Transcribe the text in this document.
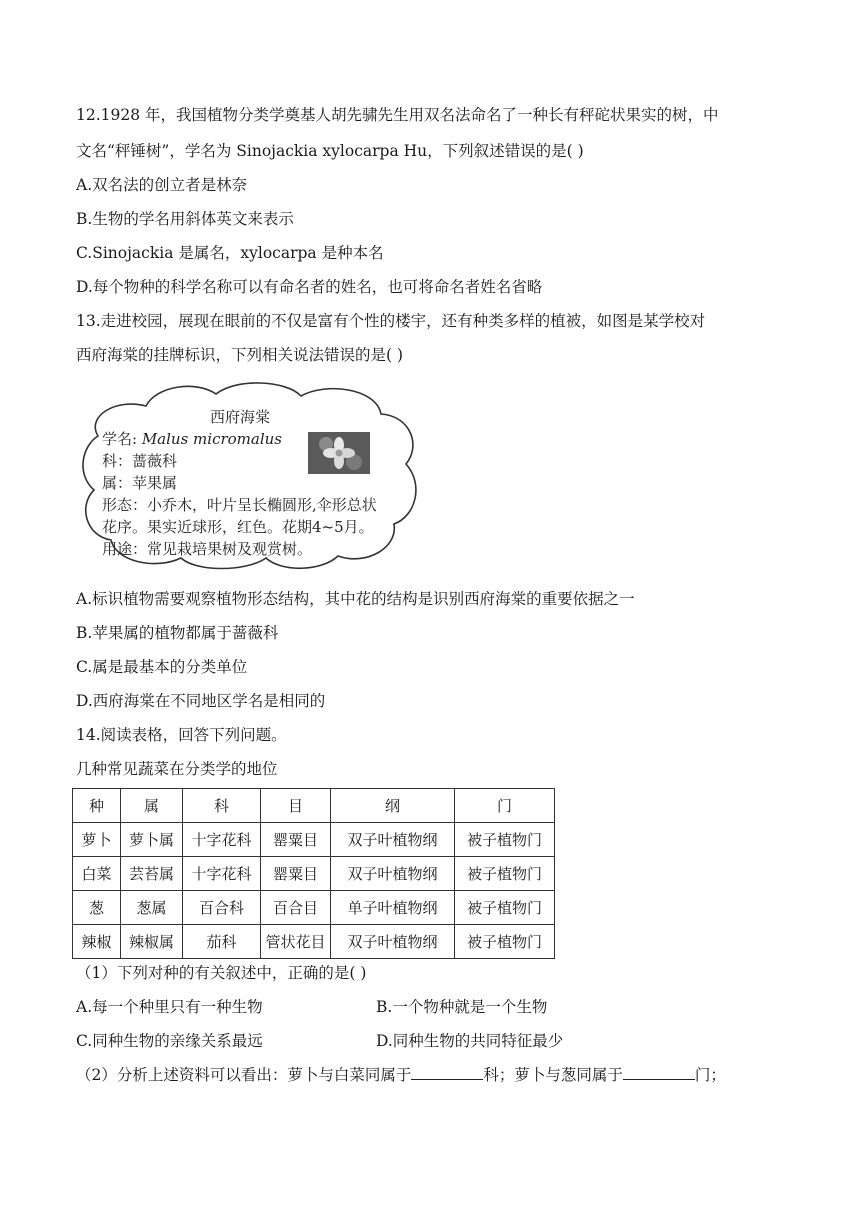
12.1928 年，我国植物分类学奠基人胡先骕先生用双名法命名了一种长有秤砣状果实的树，中
文名“秤锤树”，学名为 Sinojackia xylocarpa Hu，下列叙述错误的是( )
A.双名法的创立者是林奈
B.生物的学名用斜体英文来表示
C.Sinojackia 是属名，xylocarpa 是种本名
D.每个物种的科学名称可以有命名者的姓名，也可将命名者姓名省略
13.走进校园，展现在眼前的不仅是富有个性的楼宇，还有种类多样的植被，如图是某学校对
西府海棠的挂牌标识，下列相关说法错误的是( )
西府海棠
学名: Malus micromalus
科：蔷薇科
属：苹果属
形态：小乔木，叶片呈长椭圆形,伞形总状
花序。果实近球形，红色。花期4~5月。
用途：常见栽培果树及观赏树。
A.标识植物需要观察植物形态结构，其中花的结构是识别西府海棠的重要依据之一
B.苹果属的植物都属于蔷薇科
C.属是最基本的分类单位
D.西府海棠在不同地区学名是相同的
14.阅读表格，回答下列问题。
几种常见蔬菜在分类学的地位
种	属	科	目	纲	门
萝卜	萝卜属	十字花科	罂粟目	双子叶植物纲	被子植物门
白菜	芸苔属	十字花科	罂粟目	双子叶植物纲	被子植物门
葱	葱属	百合科	百合目	单子叶植物纲	被子植物门
辣椒	辣椒属	茄科	管状花目	双子叶植物纲	被子植物门
（1）下列对种的有关叙述中，正确的是( )
A.每一个种里只有一种生物	B.一个物种就是一个生物
C.同种生物的亲缘关系最远	D.同种生物的共同特征最少
（2）分析上述资料可以看出：萝卜与白菜同属于	科；萝卜与葱同属于	门；
